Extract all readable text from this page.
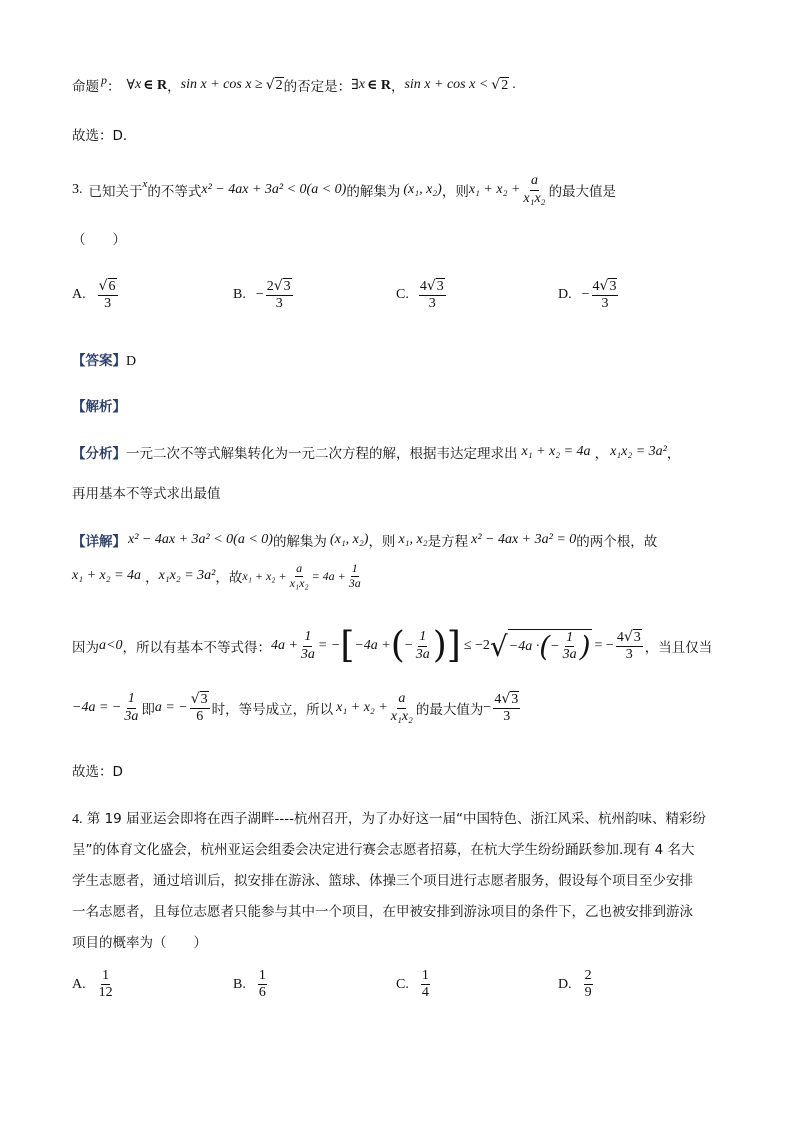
命题 p ： ∀ x ∈ R ， sin x + cos x ≥ √ 2 的否定是： ∃ x ∈ R ， sin x + cos x < √ 2 .
故选：D．
3. 已知关于 x 的不等式 x² − 4ax + 3a² < 0(a < 0) 的解集为 (x₁, x₂) ，则 $x_1 + x_2 + \frac{a}{\text{x₁x₂}}$ 的最大值是
（　　）
A. $\frac{√6}{3}$	B. − $\frac{2√3}{3}$	C. $\frac{4√3}{3}$	D. − $\frac{4√3}{3}$
【答案】D
【解析】
【分析】 一元二次不等式解集转化为一元二次方程的解，根据韦达定理求出 x₁ + x₂ = 4a ， x₁x₂ = 3a² ，
再用基本不等式求出最值
【详解】 x² − 4ax + 3a² < 0(a < 0) 的解集为 (x₁, x₂) ，则 x₁, x₂ 是方程 x² − 4ax + 3a² = 0 的两个根，故
x₁ + x₂ = 4a ， x₁x₂ = 3a² ，故 $x_1 + x_2 + \frac{a}{\text{x₁x₂}} = 4a + \frac{1}{3a}$
因为 a<0 ，所以有基本不等式得： $4a + \frac{1}{3a}$ = − [ −4a + ( − $\frac{1}{3a}$ ) ] ≤ −2 √ −4a · ( − $\frac{1}{3a}$ ) = − $\frac{4√3}{3}$ ，当且仅当
−4a = − $\frac{1}{3a}$ 即 a = − $\frac{√3}{6}$ 时，等号成立，所以 $x_1 + x_2 + \frac{a}{\text{x₁x₂}}$ 的最大值为 − $\frac{4√3}{3}$
故选：D
4. 第 19 届亚运会即将在西子湖畔----杭州召开，为了办好这一届“中国特色、浙江风采、杭州韵味、精彩纷
呈”的体育文化盛会，杭州亚运会组委会决定进行赛会志愿者招募，在杭大学生纷纷踊跃参加.现有 4 名大
学生志愿者，通过培训后，拟安排在游泳、篮球、体操三个项目进行志愿者服务，假设每个项目至少安排
一名志愿者，且每位志愿者只能参与其中一个项目，在甲被安排到游泳项目的条件下，乙也被安排到游泳
项目的概率为（　　）
A. $\frac{1}{12}$	B. $\frac{1}{6}$	C. $\frac{1}{4}$	D. $\frac{2}{9}$
